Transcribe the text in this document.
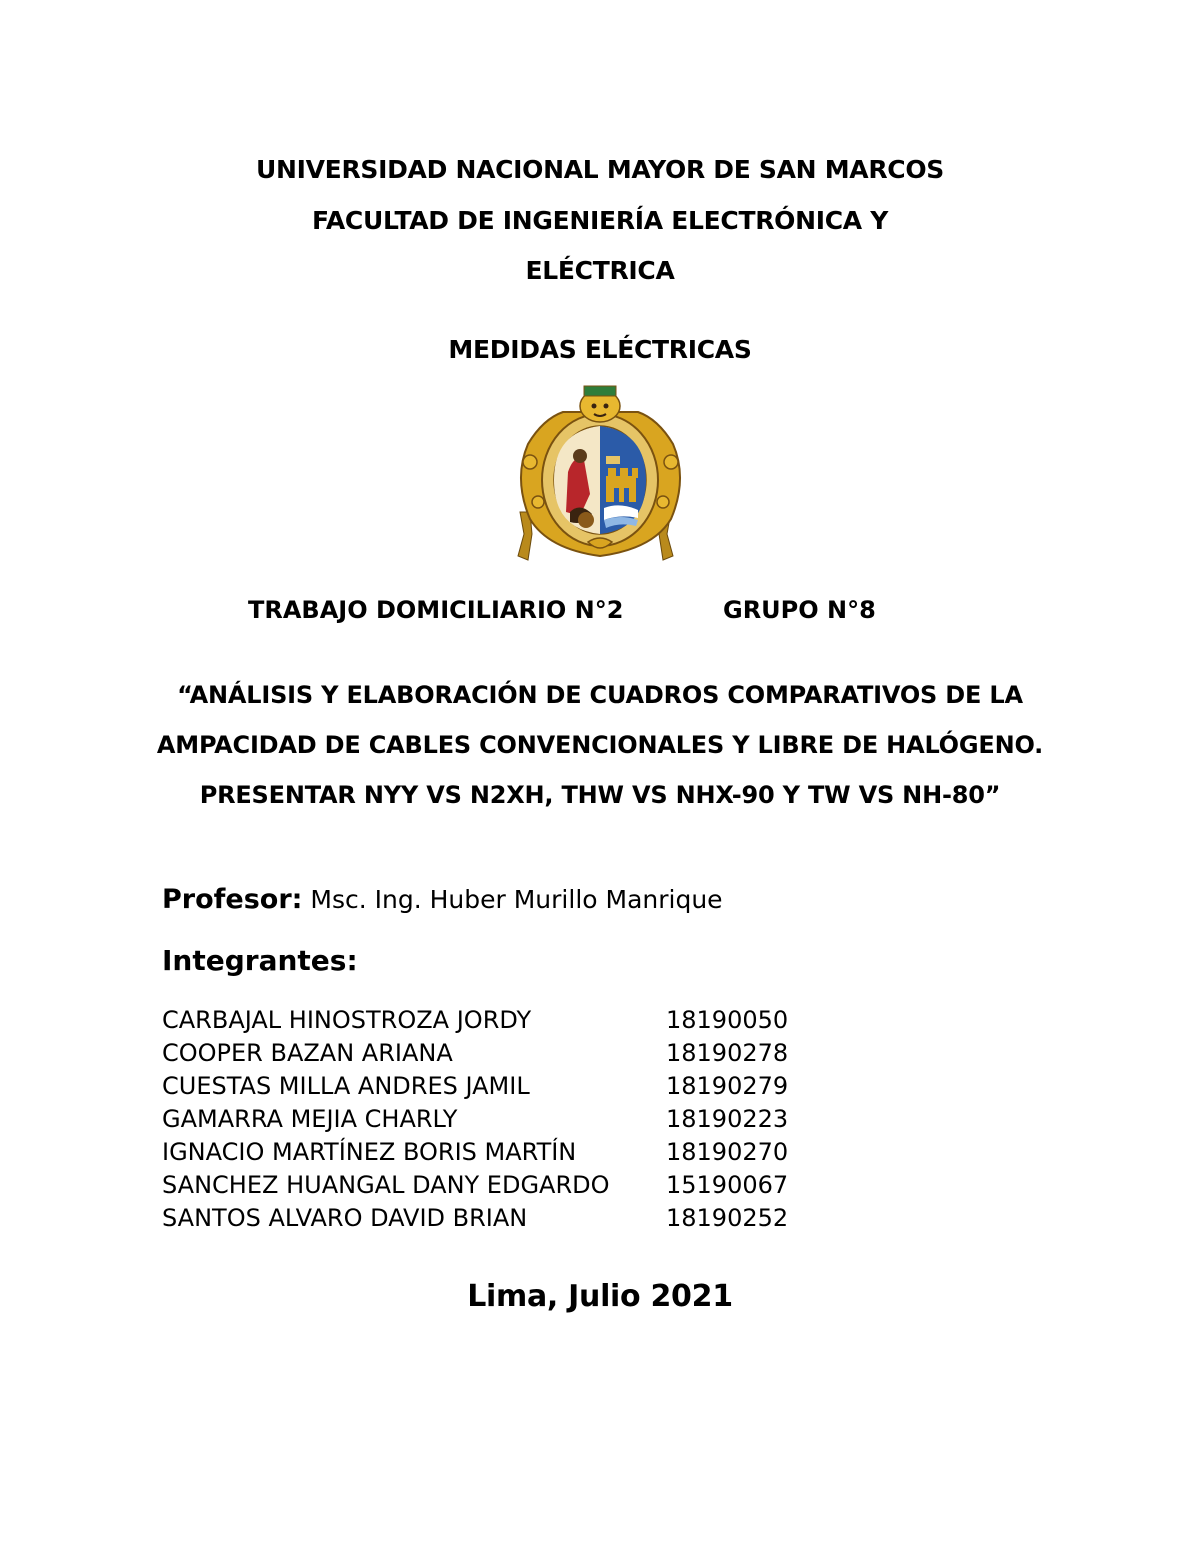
UNIVERSIDAD NACIONAL MAYOR DE SAN MARCOS
FACULTAD DE INGENIERÍA ELECTRÓNICA Y
ELÉCTRICA
MEDIDAS ELÉCTRICAS
TRABAJO DOMICILIARIO N°2	GRUPO N°8
“ANÁLISIS Y ELABORACIÓN DE CUADROS COMPARATIVOS DE LA
AMPACIDAD DE CABLES CONVENCIONALES Y LIBRE DE HALÓGENO.
PRESENTAR NYY VS N2XH, THW VS NHX-90 Y TW VS NH-80”
Profesor: Msc. Ing. Huber Murillo Manrique
Integrantes:
CARBAJAL HINOSTROZA JORDY	18190050
COOPER BAZAN ARIANA	18190278
CUESTAS MILLA ANDRES JAMIL	18190279
GAMARRA MEJIA CHARLY	18190223
IGNACIO MARTÍNEZ BORIS MARTÍN	18190270
SANCHEZ HUANGAL DANY EDGARDO 15190067
SANTOS ALVARO DAVID BRIAN	18190252
Lima, Julio 2021
